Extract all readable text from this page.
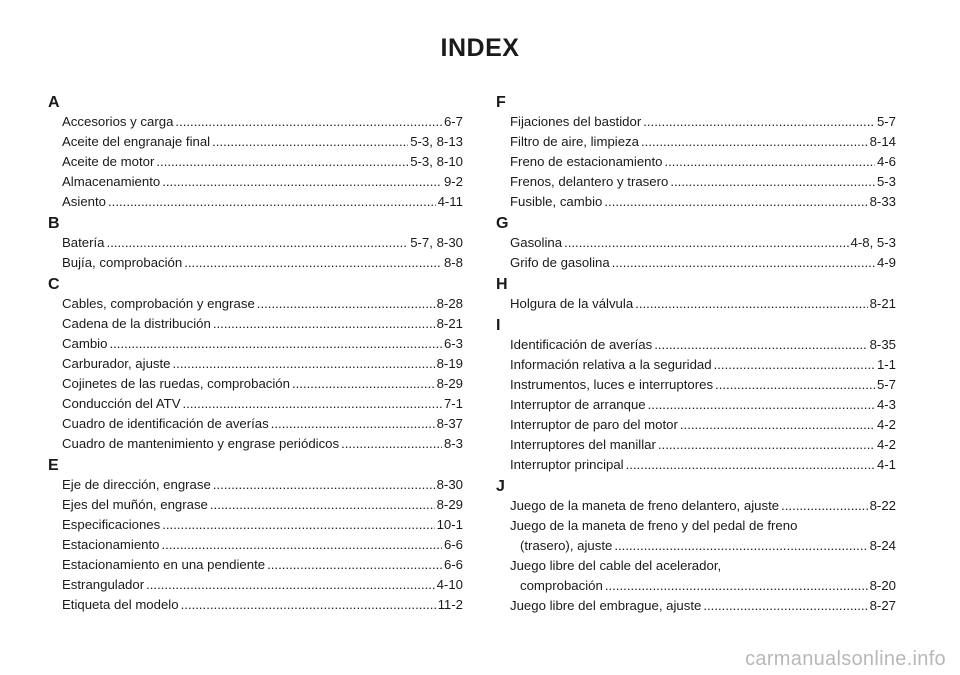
INDEX
A
Accesorios y carga .....	6-7
Aceite del engranaje final .....	5-3, 8-13
Aceite de motor .....	5-3, 8-10
Almacenamiento .....	9-2
Asiento .....	4-11
B
Batería .....	5-7, 8-30
Bujía, comprobación .....	8-8
C
Cables, comprobación y engrase .....	8-28
Cadena de la distribución .....	8-21
Cambio .....	6-3
Carburador, ajuste .....	8-19
Cojinetes de las ruedas, comprobación .....	8-29
Conducción del ATV .....	7-1
Cuadro de identificación de averías .....	8-37
Cuadro de mantenimiento y engrase periódicos .....	8-3
E
Eje de dirección, engrase .....	8-30
Ejes del muñón, engrase .....	8-29
Especificaciones .....	10-1
Estacionamiento .....	6-6
Estacionamiento en una pendiente .....	6-6
Estrangulador .....	4-10
Etiqueta del modelo .....	11-2
F
Fijaciones del bastidor .....	5-7
Filtro de aire, limpieza .....	8-14
Freno de estacionamiento .....	4-6
Frenos, delantero y trasero .....	5-3
Fusible, cambio .....	8-33
G
Gasolina .....	4-8, 5-3
Grifo de gasolina .....	4-9
H
Holgura de la válvula .....	8-21
I
Identificación de averías .....	8-35
Información relativa a la seguridad .....	1-1
Instrumentos, luces e interruptores .....	5-7
Interruptor de arranque .....	4-3
Interruptor de paro del motor .....	4-2
Interruptores del manillar .....	4-2
Interruptor principal .....	4-1
J
Juego de la maneta de freno delantero, ajuste .....	8-22
Juego de la maneta de freno y del pedal de freno
(trasero), ajuste .....	8-24
Juego libre del cable del acelerador,
comprobación .....	8-20
Juego libre del embrague, ajuste .....	8-27
carmanualsonline.info
